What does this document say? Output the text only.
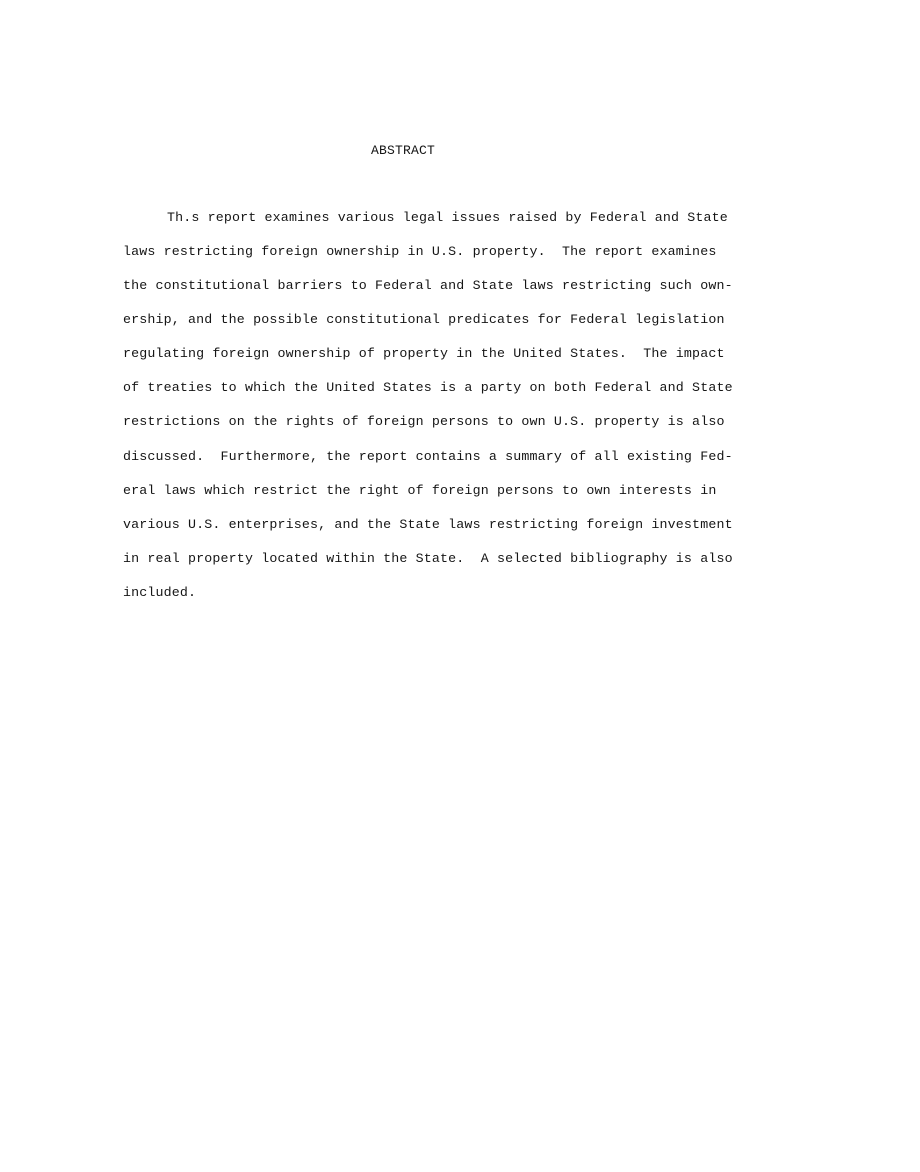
ABSTRACT
Th.s report examines various legal issues raised by Federal and State
laws restricting foreign ownership in U.S. property.  The report examines
the constitutional barriers to Federal and State laws restricting such own-
ership, and the possible constitutional predicates for Federal legislation
regulating foreign ownership of property in the United States.  The impact
of treaties to which the United States is a party on both Federal and State
restrictions on the rights of foreign persons to own U.S. property is also
discussed.  Furthermore, the report contains a summary of all existing Fed-
eral laws which restrict the right of foreign persons to own interests in
various U.S. enterprises, and the State laws restricting foreign investment
in real property located within the State.  A selected bibliography is also
included.
